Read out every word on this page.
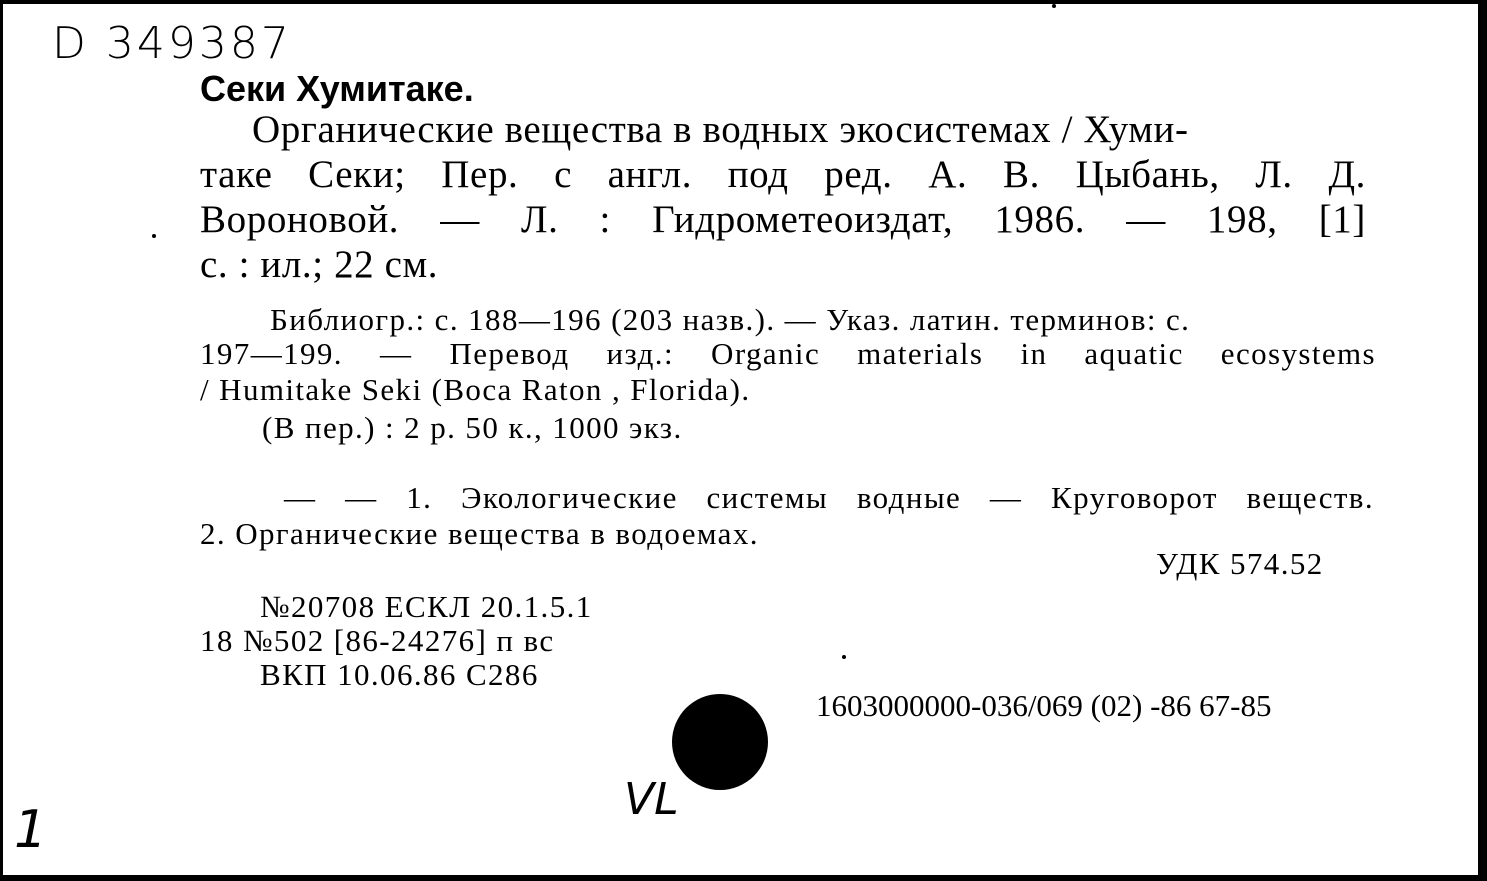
D 349387
Секи Хумитаке.
Органические вещества в водных экосистемах / Хуми-
таке Секи; Пер. с англ. под ред. А. В. Цыбань, Л. Д.
Вороновой. — Л. : Гидрометеоиздат, 1986. — 198, [1]
с. : ил.; 22 см.
Библиогр.: с. 188—196 (203 назв.). — Указ. латин. терминов: с.
197—199. — Перевод изд.: Organic materials in aquatic ecosystems
/ Humitake Seki (Boca Raton , Florida).
(В пер.) : 2 р. 50 к., 1000 экз.
— — 1. Экологические системы водные — Круговорот веществ.
2. Органические вещества в водоемах.
УДК 574.52
№20708 ЕСКЛ 20.1.5.1
18 №502 [86-24276] п вс
ВКП 10.06.86 С286
1603000000-036/069 (02) -86 67-85
VL
1
